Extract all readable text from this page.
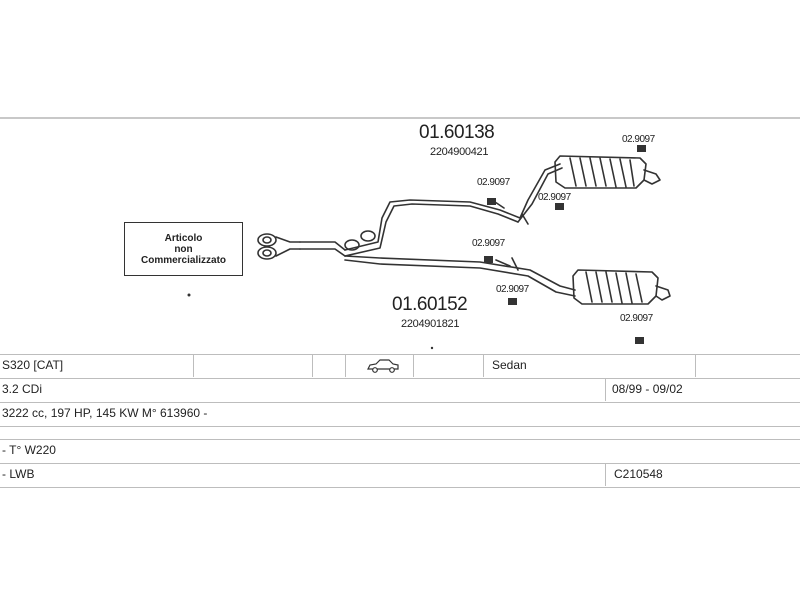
01.60138
2204900421
01.60152
2204901821
02.9097
02.9097
02.9097
02.9097
02.9097
02.9097
Articolo
non
Commercializzato
S320 [CAT]	Sedan
3.2 CDi	08/99 - 09/02
3222 cc, 197 HP, 145 KW M° 613960 -
- T° W220
- LWB	C210548
